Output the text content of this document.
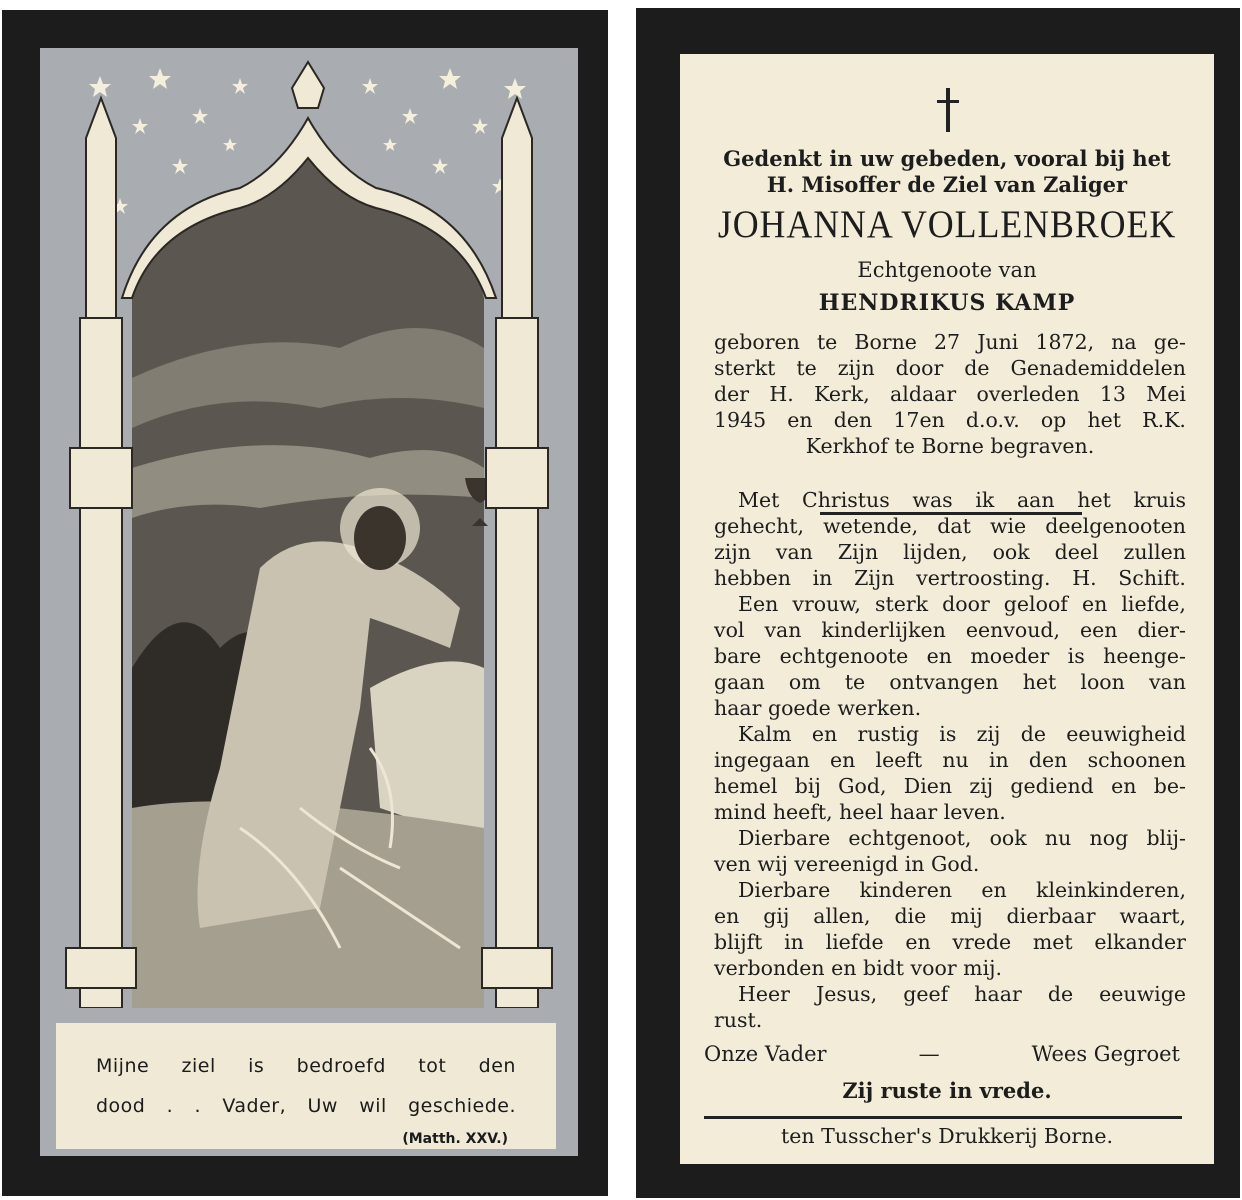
Mijne ziel is bedroefd tot den
dood . . Vader, Uw wil geschiede.
(Matth. XXV.)
Gedenkt in uw gebeden, vooral bij het
H. Misoffer de Ziel van Zaliger
JOHANNA VOLLENBROEK
Echtgenoote van
HENDRIKUS KAMP
geboren te Borne 27 Juni 1872, na ge-
sterkt te zijn door de Genademiddelen
der H. Kerk, aldaar overleden 13 Mei
1945 en den 17en d.o.v. op het R.K.
Kerkhof te Borne begraven.
Met Christus was ik aan het kruis
gehecht, wetende, dat wie deelgenooten
zijn van Zijn lijden, ook deel zullen
hebben in Zijn vertroosting. H. Schift.
Een vrouw, sterk door geloof en liefde,
vol van kinderlijken eenvoud, een dier-
bare echtgenoote en moeder is heenge-
gaan om te ontvangen het loon van
haar goede werken.
Kalm en rustig is zij de eeuwigheid
ingegaan en leeft nu in den schoonen
hemel bij God, Dien zij gediend en be-
mind heeft, heel haar leven.
Dierbare echtgenoot, ook nu nog blij-
ven wij vereenigd in God.
Dierbare kinderen en kleinkinderen,
en gij allen, die mij dierbaar waart,
blijft in liefde en vrede met elkander
verbonden en bidt voor mij.
Heer Jesus, geef haar de eeuwige
rust.
Onze Vader	—	Wees Gegroet
Zij ruste in vrede.
ten Tusscher's Drukkerij Borne.
